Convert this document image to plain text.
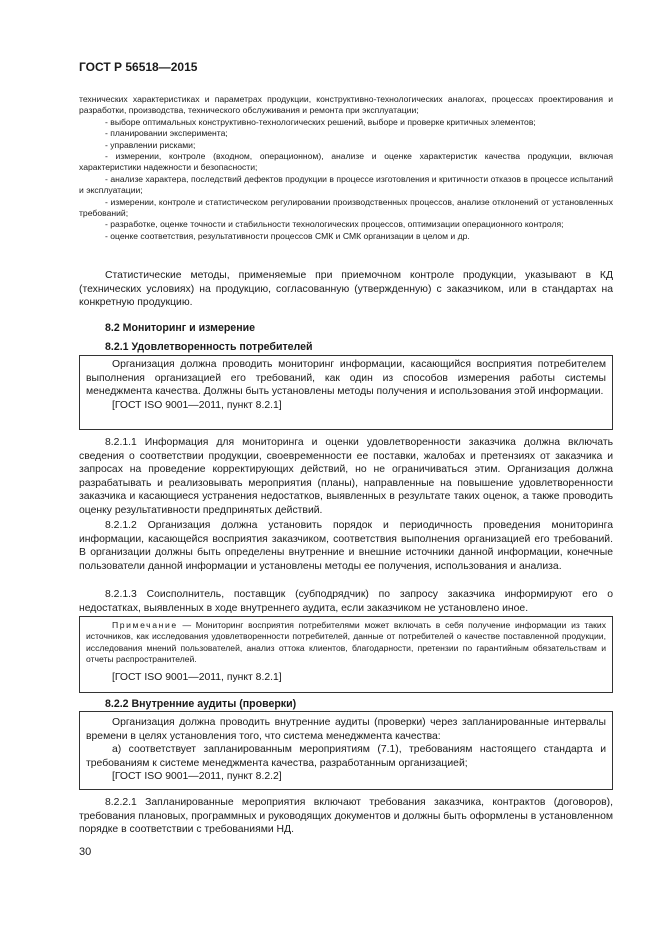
ГОСТ Р 56518—2015

технических характеристиках и параметрах продукции, конструктивно-технологических аналогах, процессах проектирования и разработки, производства, технического обслуживания и ремонта при эксплуатации;

- выборе оптимальных конструктивно-технологических решений, выборе и проверке критичных элементов;

- планировании эксперимента;

- управлении рисками;

- измерении, контроле (входном, операционном), анализе и оценке характеристик качества продукции, включая характеристики надежности и безопасности;

- анализе характера, последствий дефектов продукции в процессе изготовления и критичности отказов в процессе испытаний и эксплуатации;

- измерении, контроле и статистическом регулировании производственных процессов, анализе отклонений от установленных требований;

- разработке, оценке точности и стабильности технологических процессов, оптимизации операционного контроля;

- оценке соответствия, результативности процессов СМК и СМК организации в целом и др.

Статистические методы, применяемые при приемочном контроле продукции, указывают в КД (технических условиях) на продукцию, согласованную (утвержденную) с заказчиком, или в стандартах на конкретную продукцию.
8.2 Мониторинг и измерение
8.2.1 Удовлетворенность потребителей

Организация должна проводить мониторинг информации, касающийся восприятия потребителем выполнения организацией его требований, как один из способов измерения работы системы менеджмента качества. Должны быть установлены методы получения и использования этой информации.

[ГОСТ ISO 9001—2011, пункт 8.2.1]

8.2.1.1 Информация для мониторинга и оценки удовлетворенности заказчика должна включать сведения о соответствии продукции, своевременности ее поставки, жалобах и претензиях от заказчика и запросах на проведение корректирующих действий, но не ограничиваться этим. Организация должна разрабатывать и реализовывать мероприятия (планы), направленные на повышение удовлетворенности заказчика и касающиеся устранения недостатков, выявленных в результате таких оценок, а также проводить оценку результативности предпринятых действий.
8.2.1.2 Организация должна установить порядок и периодичность проведения мониторинга информации, касающейся восприятия заказчиком, соответствия выполнения организацией его требований. В организации должны быть определены внутренние и внешние источники данной информации, конечные пользователи данной информации и установлены методы ее получения, использования и анализа.
8.2.1.3 Соисполнитель, поставщик (субподрядчик) по запросу заказчика информируют его о недостатках, выявленных в ходе внутреннего аудита, если заказчиком не установлено иное.

Примечание — Мониторинг восприятия потребителями может включать в себя получение информации из таких источников, как исследования удовлетворенности потребителей, данные от потребителей о качестве поставленной продукции, исследования мнений пользователей, анализ оттока клиентов, благодарности, претензии по гарантийным обязательствам и отчеты распространителей.

[ГОСТ ISO 9001—2011, пункт 8.2.1]

8.2.2 Внутренние аудиты (проверки)

Организация должна проводить внутренние аудиты (проверки) через запланированные интервалы времени в целях установления того, что система менеджмента качества:

а) соответствует запланированным мероприятиям (7.1), требованиям настоящего стандарта и требованиям к системе менеджмента качества, разработанным организацией;

[ГОСТ ISO 9001—2011, пункт 8.2.2]

8.2.2.1 Запланированные мероприятия включают требования заказчика, контрактов (договоров), требования плановых, программных и руководящих документов и должны быть оформлены в установленном порядке в соответствии с требованиями НД.
30
